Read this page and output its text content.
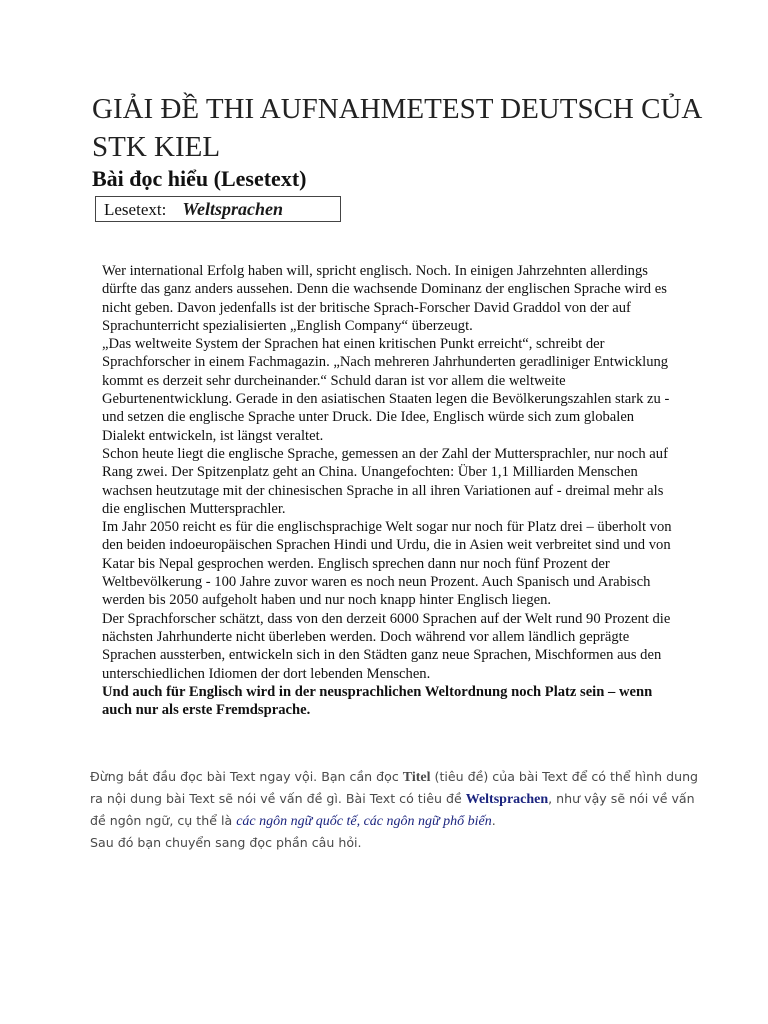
GIẢI ĐỀ THI AUFNAHMETEST DEUTSCH CỦA STK KIEL
Bài đọc hiểu (Lesetext)
Lesetext: Weltsprachen

Wer international Erfolg haben will, spricht englisch. Noch. In einigen Jahrzehnten allerdings dürfte das ganz anders aussehen. Denn die wachsende Dominanz der englischen Sprache wird es nicht geben. Davon jedenfalls ist der britische Sprach-Forscher David Graddol von der auf Sprachunterricht spezialisierten „English Company“ überzeugt.

„Das weltweite System der Sprachen hat einen kritischen Punkt erreicht“, schreibt der Sprachforscher in einem Fachmagazin. „Nach mehreren Jahrhunderten geradliniger Entwicklung kommt es derzeit sehr durcheinander.“ Schuld daran ist vor allem die weltweite Geburtenentwicklung. Gerade in den asiatischen Staaten legen die Bevölkerungszahlen stark zu - und setzen die englische Sprache unter Druck. Die Idee, Englisch würde sich zum globalen Dialekt entwickeln, ist längst veraltet.

Schon heute liegt die englische Sprache, gemessen an der Zahl der Muttersprachler, nur noch auf Rang zwei. Der Spitzenplatz geht an China. Unangefochten: Über 1,1 Milliarden Menschen wachsen heutzutage mit der chinesischen Sprache in all ihren Variationen auf - dreimal mehr als die englischen Muttersprachler.

Im Jahr 2050 reicht es für die englischsprachige Welt sogar nur noch für Platz drei – überholt von den beiden indoeuropäischen Sprachen Hindi und Urdu, die in Asien weit verbreitet sind und von Katar bis Nepal gesprochen werden. Englisch sprechen dann nur noch fünf Prozent der Weltbevölkerung - 100 Jahre zuvor waren es noch neun Prozent. Auch Spanisch und Arabisch werden bis 2050 aufgeholt haben und nur noch knapp hinter Englisch liegen.

Der Sprachforscher schätzt, dass von den derzeit 6000 Sprachen auf der Welt rund 90 Prozent die nächsten Jahrhunderte nicht überleben werden. Doch während vor allem ländlich geprägte Sprachen aussterben, entwickeln sich in den Städten ganz neue Sprachen, Mischformen aus den unterschiedlichen Idiomen der dort lebenden Menschen.

Und auch für Englisch wird in der neusprachlichen Weltordnung noch Platz sein – wenn auch nur als erste Fremdsprache.

Đừng bắt đầu đọc bài Text ngay vội. Bạn cần đọc Titel (tiêu đề) của bài Text để có thể hình dung ra nội dung bài Text sẽ nói về vấn đề gì. Bài Text có tiêu đề Weltsprachen, như vậy sẽ nói về vấn đề ngôn ngữ, cụ thể là các ngôn ngữ quốc tế, các ngôn ngữ phổ biến.

Sau đó bạn chuyển sang đọc phần câu hỏi.
